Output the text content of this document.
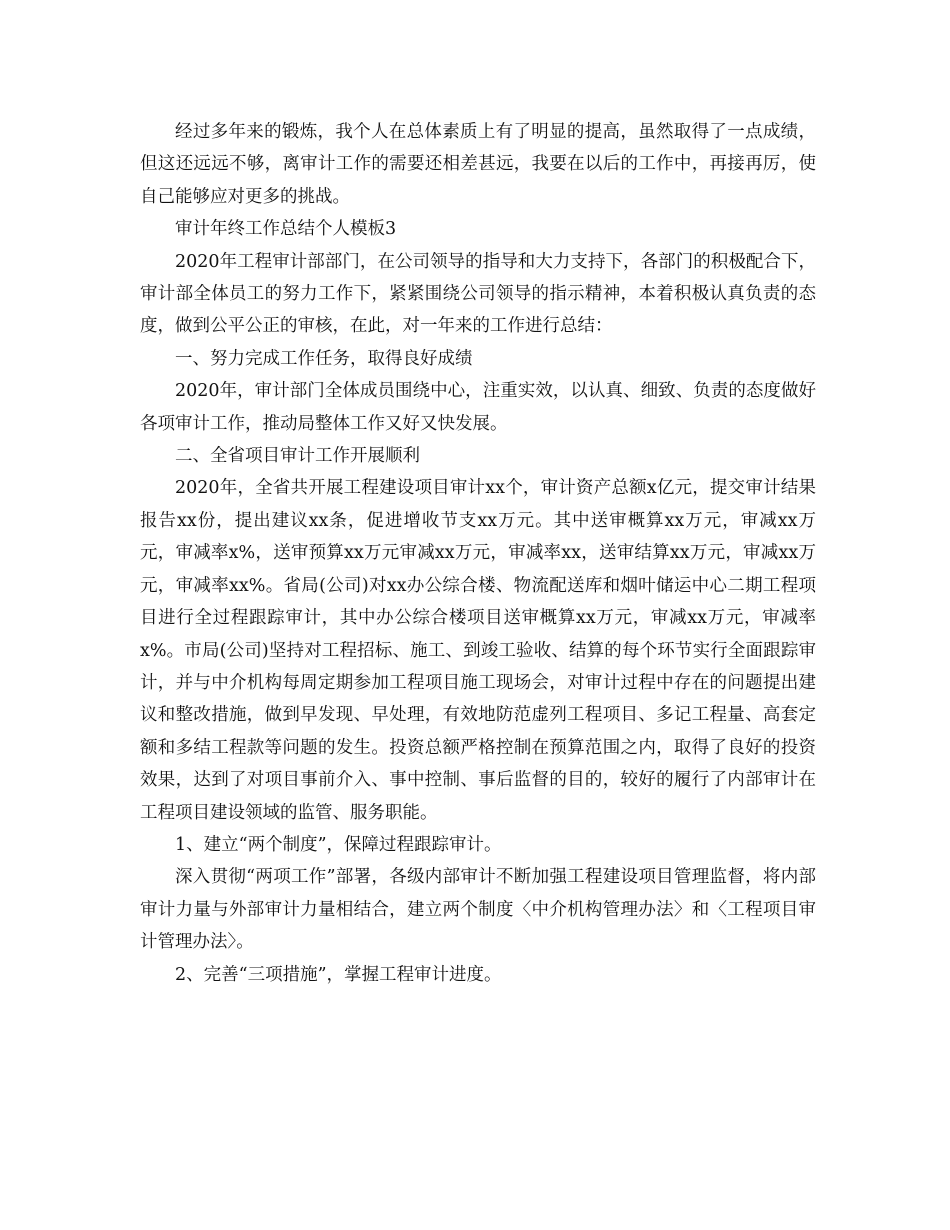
经过多年来的锻炼，我个人在总体素质上有了明显的提高，虽然取得了一点成绩，但这还远远不够，离审计工作的需要还相差甚远，我要在以后的工作中，再接再厉，使自己能够应对更多的挑战。

审计年终工作总结个人模板3

2020年工程审计部部门，在公司领导的指导和大力支持下，各部门的积极配合下，审计部全体员工的努力工作下，紧紧围绕公司领导的指示精神，本着积极认真负责的态度，做到公平公正的审核，在此，对一年来的工作进行总结：

一、努力完成工作任务，取得良好成绩

2020年，审计部门全体成员围绕中心，注重实效，以认真、细致、负责的态度做好各项审计工作，推动局整体工作又好又快发展。

二、全省项目审计工作开展顺利

2020年，全省共开展工程建设项目审计xx个，审计资产总额x亿元，提交审计结果报告xx份，提出建议xx条，促进增收节支xx万元。其中送审概算xx万元，审减xx万元，审减率x%，送审预算xx万元审减xx万元，审减率xx，送审结算xx万元，审减xx万元，审减率xx%。省局(公司)对xx办公综合楼、物流配送库和烟叶储运中心二期工程项目进行全过程跟踪审计，其中办公综合楼项目送审概算xx万元，审减xx万元，审减率x%。市局(公司)坚持对工程招标、施工、到竣工验收、结算的每个环节实行全面跟踪审计，并与中介机构每周定期参加工程项目施工现场会，对审计过程中存在的问题提出建议和整改措施，做到早发现、早处理，有效地防范虚列工程项目、多记工程量、高套定额和多结工程款等问题的发生。投资总额严格控制在预算范围之内，取得了良好的投资效果，达到了对项目事前介入、事中控制、事后监督的目的，较好的履行了内部审计在工程项目建设领域的监管、服务职能。

1、建立“两个制度”，保障过程跟踪审计。

深入贯彻“两项工作”部署，各级内部审计不断加强工程建设项目管理监督，将内部审计力量与外部审计力量相结合，建立两个制度〈中介机构管理办法〉和〈工程项目审计管理办法〉。

2、完善“三项措施”，掌握工程审计进度。
